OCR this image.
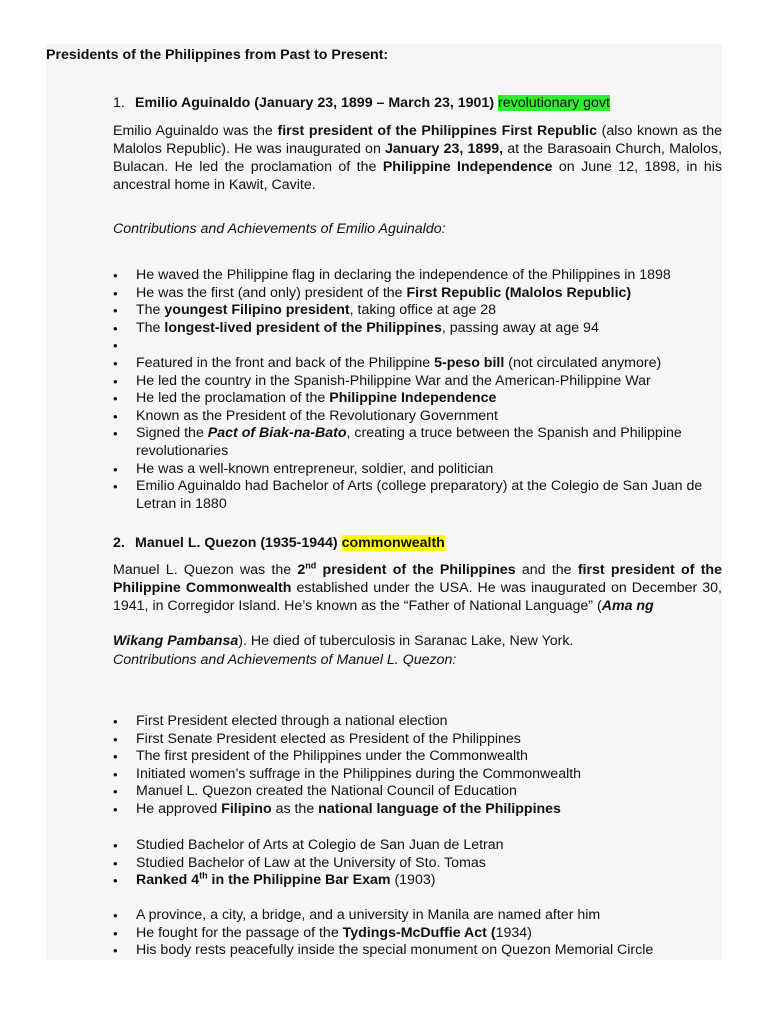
Presidents of the Philippines from Past to Present:
1. Emilio Aguinaldo (January 23, 1899 – March 23, 1901) revolutionary govt
Emilio Aguinaldo was the first president of the Philippines First Republic (also known as the Malolos Republic). He was inaugurated on January 23, 1899, at the Barasoain Church, Malolos, Bulacan. He led the proclamation of the Philippine Independence on June 12, 1898, in his ancestral home in Kawit, Cavite.
Contributions and Achievements of Emilio Aguinaldo:
• He waved the Philippine flag in declaring the independence of the Philippines in 1898
• He was the first (and only) president of the First Republic (Malolos Republic)
• The youngest Filipino president, taking office at age 28
• The longest-lived president of the Philippines, passing away at age 94
•
• Featured in the front and back of the Philippine 5-peso bill (not circulated anymore)
• He led the country in the Spanish-Philippine War and the American-Philippine War
• He led the proclamation of the Philippine Independence
• Known as the President of the Revolutionary Government
• Signed the Pact of Biak-na-Bato, creating a truce between the Spanish and Philippine revolutionaries
• He was a well-known entrepreneur, soldier, and politician
• Emilio Aguinaldo had Bachelor of Arts (college preparatory) at the Colegio de San Juan de Letran in 1880
2. Manuel L. Quezon (1935-1944) commonwealth
Manuel L. Quezon was the 2nd president of the Philippines and the first president of the Philippine Commonwealth established under the USA. He was inaugurated on December 30, 1941, in Corregidor Island. He’s known as the “Father of National Language” (Ama ng
Wikang Pambansa). He died of tuberculosis in Saranac Lake, New York.
Contributions and Achievements of Manuel L. Quezon:
• First President elected through a national election
• First Senate President elected as President of the Philippines
• The first president of the Philippines under the Commonwealth
• Initiated women’s suffrage in the Philippines during the Commonwealth
• Manuel L. Quezon created the National Council of Education
• He approved Filipino as the national language of the Philippines
• Studied Bachelor of Arts at Colegio de San Juan de Letran
• Studied Bachelor of Law at the University of Sto. Tomas
• Ranked 4th in the Philippine Bar Exam (1903)
• A province, a city, a bridge, and a university in Manila are named after him
• He fought for the passage of the Tydings-McDuffie Act (1934)
• His body rests peacefully inside the special monument on Quezon Memorial Circle
